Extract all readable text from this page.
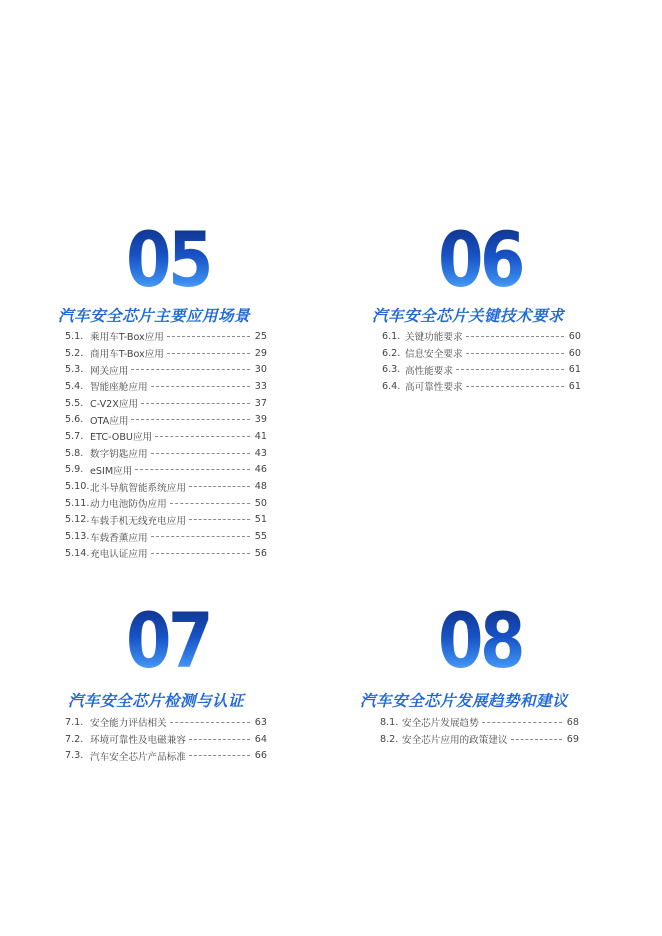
05
汽车安全芯片主要应用场景
5.1. 乘用车T-Box应用	25
5.2. 商用车T-Box应用	29
5.3. 网关应用	30
5.4. 智能座舱应用	33
5.5. C-V2X应用	37
5.6. OTA应用	39
5.7. ETC-OBU应用	41
5.8. 数字钥匙应用	43
5.9. eSIM应用	46
5.10. 北斗导航智能系统应用	48
5.11. 动力电池防伪应用	50
5.12. 车载手机无线充电应用	51
5.13. 车载香薰应用	55
5.14. 充电认证应用	56
06
汽车安全芯片关键技术要求
6.1. 关键功能要求	60
6.2. 信息安全要求	60
6.3. 高性能要求	61
6.4. 高可靠性要求	61
07
汽车安全芯片检测与认证
7.1. 安全能力评估相关	63
7.2. 环境可靠性及电磁兼容	64
7.3. 汽车安全芯片产品标准	66
08
汽车安全芯片发展趋势和建议
8.1. 安全芯片发展趋势	68
8.2. 安全芯片应用的政策建议	69
